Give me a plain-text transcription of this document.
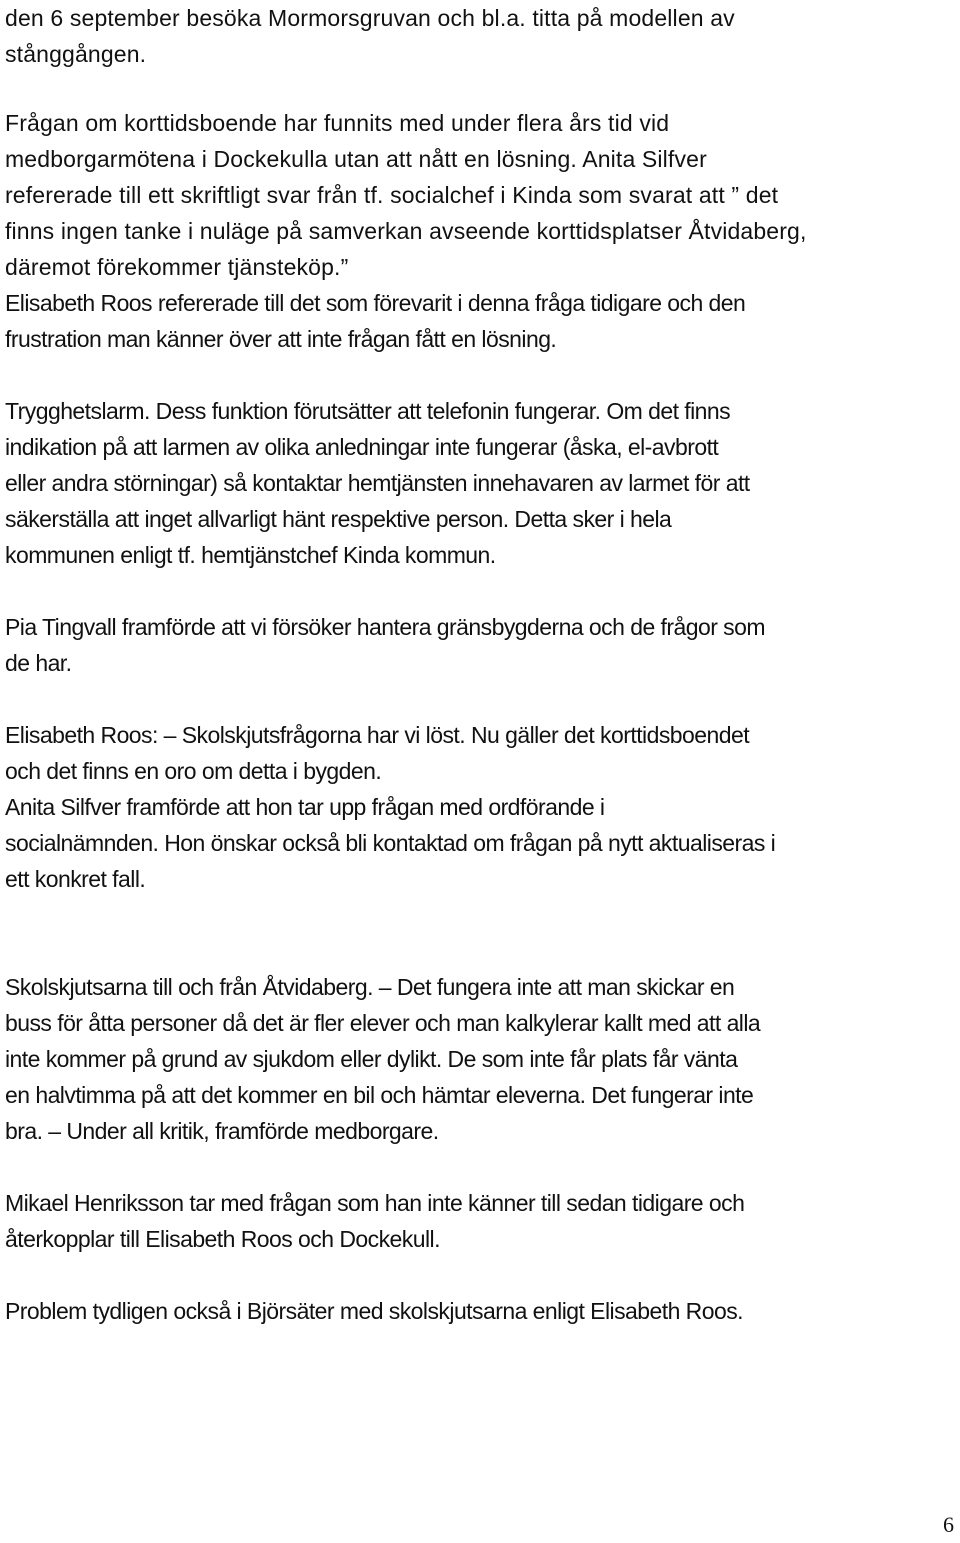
den 6 september besöka Mormorsgruvan och bl.a. titta på modellen av
stånggången.
Frågan om korttidsboende har funnits med under flera års tid vid
medborgarmötena i Dockekulla utan att nått en lösning. Anita Silfver
refererade till ett skriftligt svar från tf. socialchef i Kinda som svarat att ” det
finns ingen tanke i nuläge på samverkan avseende korttidsplatser Åtvidaberg,
däremot förekommer tjänsteköp.”
Elisabeth Roos refererade till det som förevarit i denna fråga tidigare och den
frustration man känner över att inte frågan fått en lösning.
Trygghetslarm. Dess funktion förutsätter att telefonin fungerar. Om det finns
indikation på att larmen av olika anledningar inte fungerar (åska, el‐avbrott
eller andra störningar) så kontaktar hemtjänsten innehavaren av larmet för att
säkerställa att inget allvarligt hänt respektive person. Detta sker i hela
kommunen enligt tf. hemtjänstchef Kinda kommun.
Pia Tingvall framförde att vi försöker hantera gränsbygderna och de frågor som
de har.
Elisabeth Roos: – Skolskjutsfrågorna har vi löst. Nu gäller det korttidsboendet
och det finns en oro om detta i bygden.
Anita Silfver framförde att hon tar upp frågan med ordförande i
socialnämnden. Hon önskar också bli kontaktad om frågan på nytt aktualiseras i
ett konkret fall.
Skolskjutsarna till och från Åtvidaberg. – Det fungera inte att man skickar en
buss för åtta personer då det är fler elever och man kalkylerar kallt med att alla
inte kommer på grund av sjukdom eller dylikt. De som inte får plats får vänta
en halvtimma på att det kommer en bil och hämtar eleverna. Det fungerar inte
bra. – Under all kritik, framförde medborgare.
Mikael Henriksson tar med frågan som han inte känner till sedan tidigare och
återkopplar till Elisabeth Roos och Dockekull.
Problem tydligen också i Björsäter med skolskjutsarna enligt Elisabeth Roos.
6
